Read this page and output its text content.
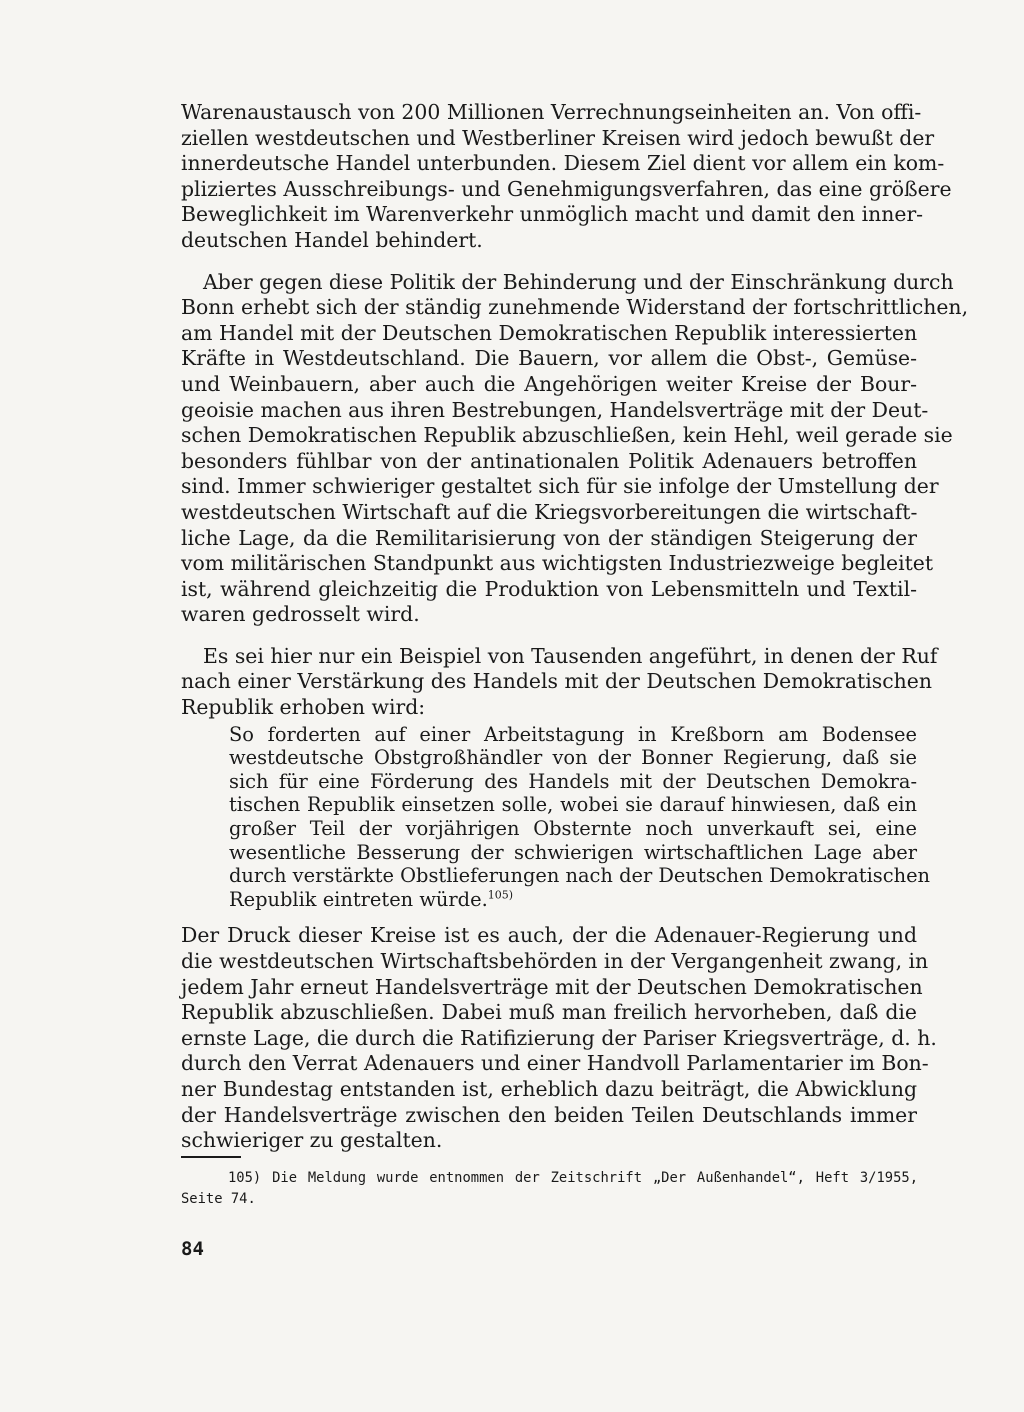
Warenaustausch von 200 Millionen Verrechnungseinheiten an. Von offi-
ziellen westdeutschen und Westberliner Kreisen wird jedoch bewußt der
innerdeutsche Handel unterbunden. Diesem Ziel dient vor allem ein kom-
pliziertes Ausschreibungs- und Genehmigungsverfahren, das eine größere
Beweglichkeit im Warenverkehr unmöglich macht und damit den inner-
deutschen Handel behindert.

Aber gegen diese Politik der Behinderung und der Einschränkung durch
Bonn erhebt sich der ständig zunehmende Widerstand der fortschrittlichen,
am Handel mit der Deutschen Demokratischen Republik interessierten
Kräfte in Westdeutschland. Die Bauern, vor allem die Obst-, Gemüse-
und Weinbauern, aber auch die Angehörigen weiter Kreise der Bour-
geoisie machen aus ihren Bestrebungen, Handelsverträge mit der Deut-
schen Demokratischen Republik abzuschließen, kein Hehl, weil gerade sie
besonders fühlbar von der antinationalen Politik Adenauers betroffen
sind. Immer schwieriger gestaltet sich für sie infolge der Umstellung der
westdeutschen Wirtschaft auf die Kriegsvorbereitungen die wirtschaft-
liche Lage, da die Remilitarisierung von der ständigen Steigerung der
vom militärischen Standpunkt aus wichtigsten Industriezweige begleitet
ist, während gleichzeitig die Produktion von Lebensmitteln und Textil-
waren gedrosselt wird.

Es sei hier nur ein Beispiel von Tausenden angeführt, in denen der Ruf
nach einer Verstärkung des Handels mit der Deutschen Demokratischen
Republik erhoben wird:

So forderten auf einer Arbeitstagung in Kreßborn am Bodensee
westdeutsche Obstgroßhändler von der Bonner Regierung, daß sie
sich für eine Förderung des Handels mit der Deutschen Demokra-
tischen Republik einsetzen solle, wobei sie darauf hinwiesen, daß ein
großer Teil der vorjährigen Obsternte noch unverkauft sei, eine
wesentliche Besserung der schwierigen wirtschaftlichen Lage aber
durch verstärkte Obstlieferungen nach der Deutschen Demokratischen
Republik eintreten würde.$^{105)}$

Der Druck dieser Kreise ist es auch, der die Adenauer-Regierung und
die westdeutschen Wirtschaftsbehörden in der Vergangenheit zwang, in
jedem Jahr erneut Handelsverträge mit der Deutschen Demokratischen
Republik abzuschließen. Dabei muß man freilich hervorheben, daß die
ernste Lage, die durch die Ratifizierung der Pariser Kriegsverträge, d. h.
durch den Verrat Adenauers und einer Handvoll Parlamentarier im Bon-
ner Bundestag entstanden ist, erheblich dazu beiträgt, die Abwicklung
der Handelsverträge zwischen den beiden Teilen Deutschlands immer
schwieriger zu gestalten.

105) Die Meldung wurde entnommen der Zeitschrift „Der Außenhandel“, Heft 3/1955,
Seite 74.
84
